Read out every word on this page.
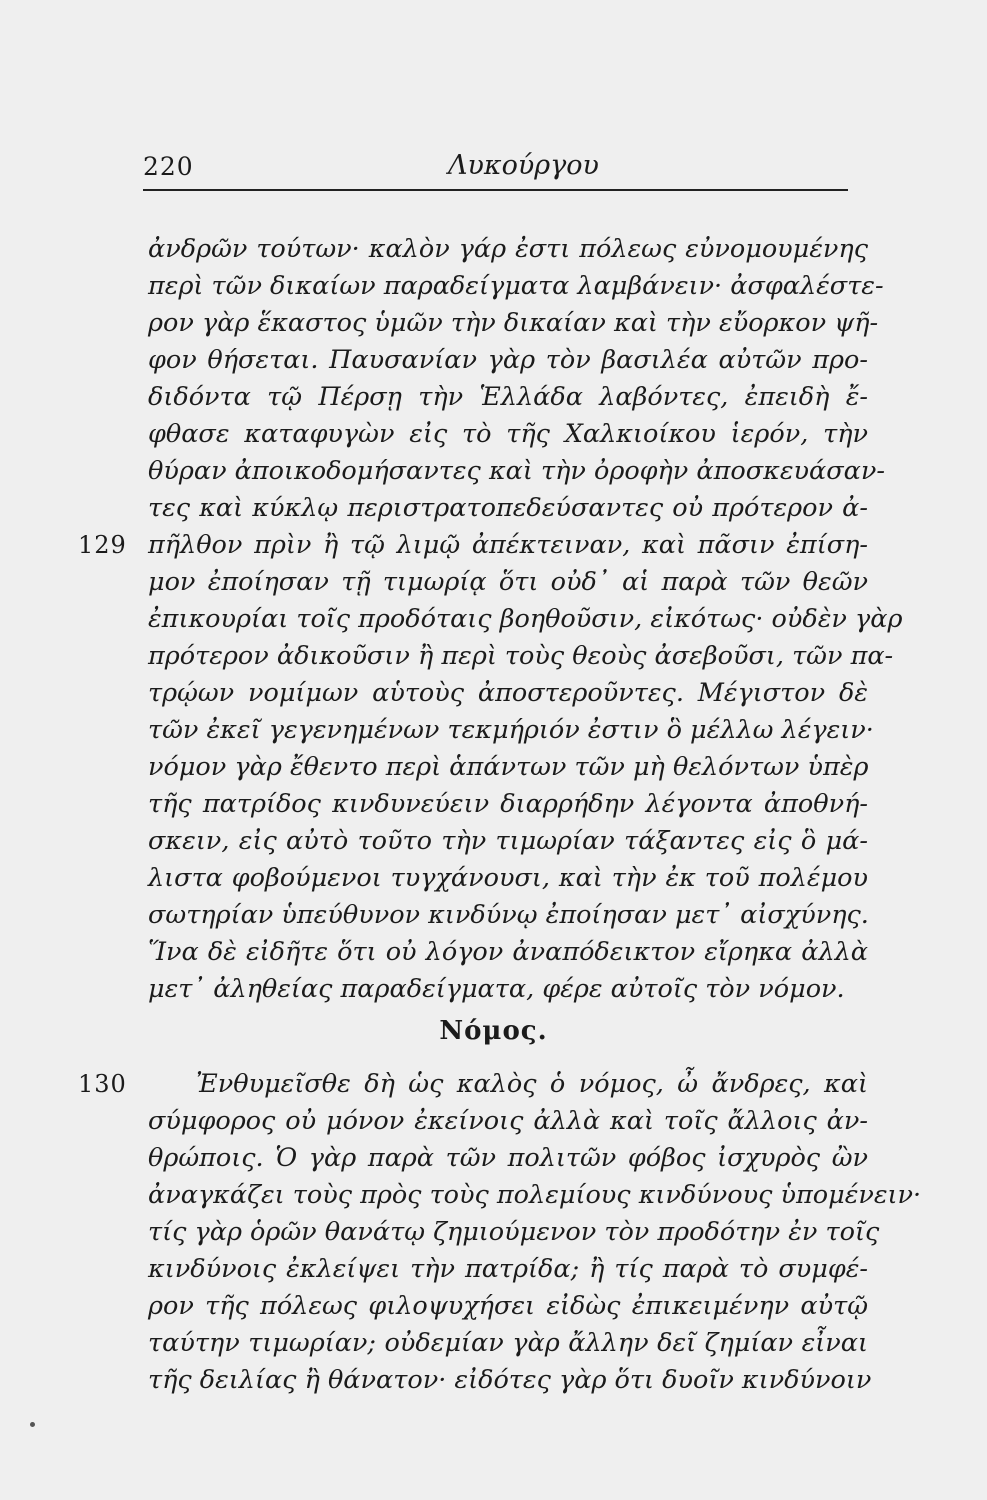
220	Λυκούργου
ἀνδρῶν τούτων· καλὸν γάρ ἐστι πόλεως εὐνομουμένης
περὶ τῶν δικαίων παραδείγματα λαμβάνειν· ἀσφαλέστε-
ρον γὰρ ἕκαστος ὑμῶν τὴν δικαίαν καὶ τὴν εὔορκον ψῆ-
φον θήσεται. Παυσανίαν γὰρ τὸν βασιλέα αὐτῶν προ-
διδόντα τῷ Πέρσῃ τὴν Ἑλλάδα λαβόντες, ἐπειδὴ ἔ-
φθασε καταφυγὼν εἰς τὸ τῆς Χαλκιοίκου ἱερόν, τὴν
θύραν ἀποικοδομήσαντες καὶ τὴν ὀροφὴν ἀποσκευάσαν-
τες καὶ κύκλῳ περιστρατοπεδεύσαντες οὐ πρότερον ἀ-
129 πῆλθον πρὶν ἢ τῷ λιμῷ ἀπέκτειναν, καὶ πᾶσιν ἐπίση-
μον ἐποίησαν τῇ τιμωρίᾳ ὅτι οὐδ᾽ αἱ παρὰ τῶν θεῶν
ἐπικουρίαι τοῖς προδόταις βοηθοῦσιν, εἰκότως· οὐδὲν γὰρ
πρότερον ἀδικοῦσιν ἢ περὶ τοὺς θεοὺς ἀσεβοῦσι, τῶν πα-
τρῴων νομίμων αὑτοὺς ἀποστεροῦντες. Μέγιστον δὲ
τῶν ἐκεῖ γεγενημένων τεκμήριόν ἐστιν ὃ μέλλω λέγειν·
νόμον γὰρ ἔθεντο περὶ ἁπάντων τῶν μὴ θελόντων ὑπὲρ
τῆς πατρίδος κινδυνεύειν διαρρήδην λέγοντα ἀποθνή-
σκειν, εἰς αὐτὸ τοῦτο τὴν τιμωρίαν τάξαντες εἰς ὃ μά-
λιστα φοβούμενοι τυγχάνουσι, καὶ τὴν ἐκ τοῦ πολέμου
σωτηρίαν ὑπεύθυνον κινδύνῳ ἐποίησαν μετ᾽ αἰσχύνης.
Ἵνα δὲ εἰδῆτε ὅτι οὐ λόγον ἀναπόδεικτον εἴρηκα ἀλλὰ
μετ᾽ ἀληθείας παραδείγματα, φέρε αὐτοῖς τὸν νόμον.
Νόμος.
130	Ἐνθυμεῖσθε δὴ ὡς καλὸς ὁ νόμος, ὦ ἄνδρες, καὶ
σύμφορος οὐ μόνον ἐκείνοις ἀλλὰ καὶ τοῖς ἄλλοις ἀν-
θρώποις. Ὁ γὰρ παρὰ τῶν πολιτῶν φόβος ἰσχυρὸς ὢν
ἀναγκάζει τοὺς πρὸς τοὺς πολεμίους κινδύνους ὑπομένειν·
τίς γὰρ ὁρῶν θανάτῳ ζημιούμενον τὸν προδότην ἐν τοῖς
κινδύνοις ἐκλείψει τὴν πατρίδα; ἢ τίς παρὰ τὸ συμφέ-
ρον τῆς πόλεως φιλοψυχήσει εἰδὼς ἐπικειμένην αὐτῷ
ταύτην τιμωρίαν; οὐδεμίαν γὰρ ἄλλην δεῖ ζημίαν εἶναι
τῆς δειλίας ἢ θάνατον· εἰδότες γὰρ ὅτι δυοῖν κινδύνοιν
